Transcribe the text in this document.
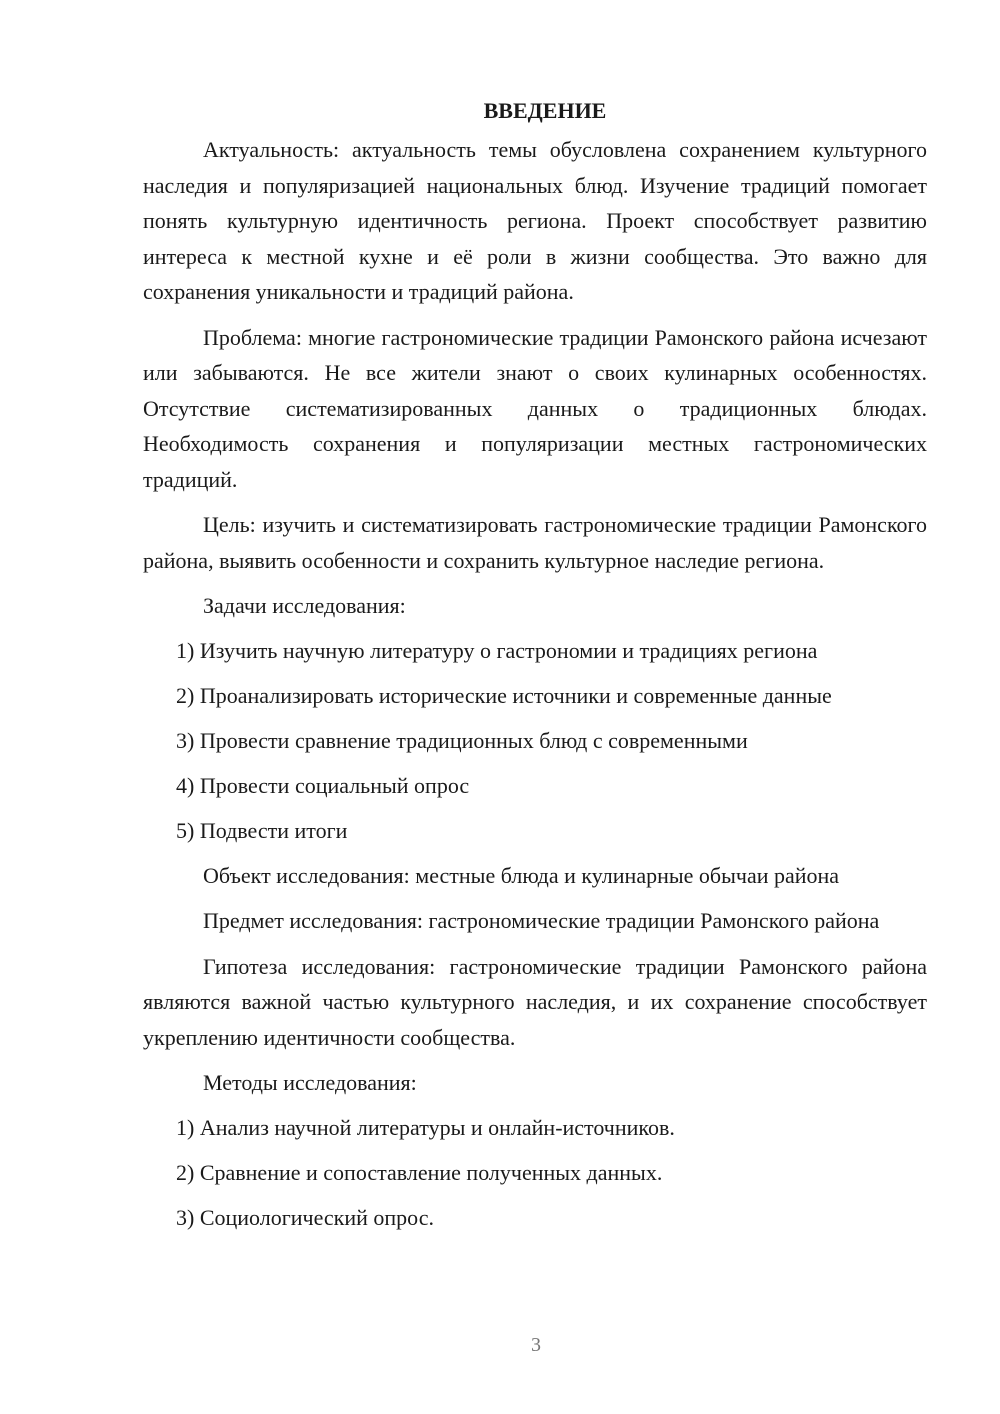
ВВЕДЕНИЕ

Актуальность: актуальность темы обусловлена сохранением культурного наследия и популяризацией национальных блюд. Изучение традиций помогает понять культурную идентичность региона. Проект способствует развитию интереса к местной кухне и её роли в жизни сообщества. Это важно для сохранения уникальности и традиций района.

Проблема: многие гастрономические традиции Рамонского района исчезают или забываются. Не все жители знают о своих кулинарных особенностях. Отсутствие систематизированных данных о традиционных блюдах. Необходимость сохранения и популяризации местных гастрономических традиций.

Цель: изучить и систематизировать гастрономические традиции Рамонского района, выявить особенности и сохранить культурное наследие региона.

Задачи исследования:
1) Изучить научную литературу о гастрономии и традициях региона
2) Проанализировать исторические источники и современные данные
3) Провести сравнение традиционных блюд с современными
4) Провести социальный опрос
5) Подвести итоги
Объект исследования: местные блюда и кулинарные обычаи района

Предмет исследования: гастрономические традиции Рамонского района

Гипотеза исследования: гастрономические традиции Рамонского района являются важной частью культурного наследия, и их сохранение способствует укреплению идентичности сообщества.

Методы исследования:
1) Анализ научной литературы и онлайн-источников.
2) Сравнение и сопоставление полученных данных.
3) Социологический опрос.
3
